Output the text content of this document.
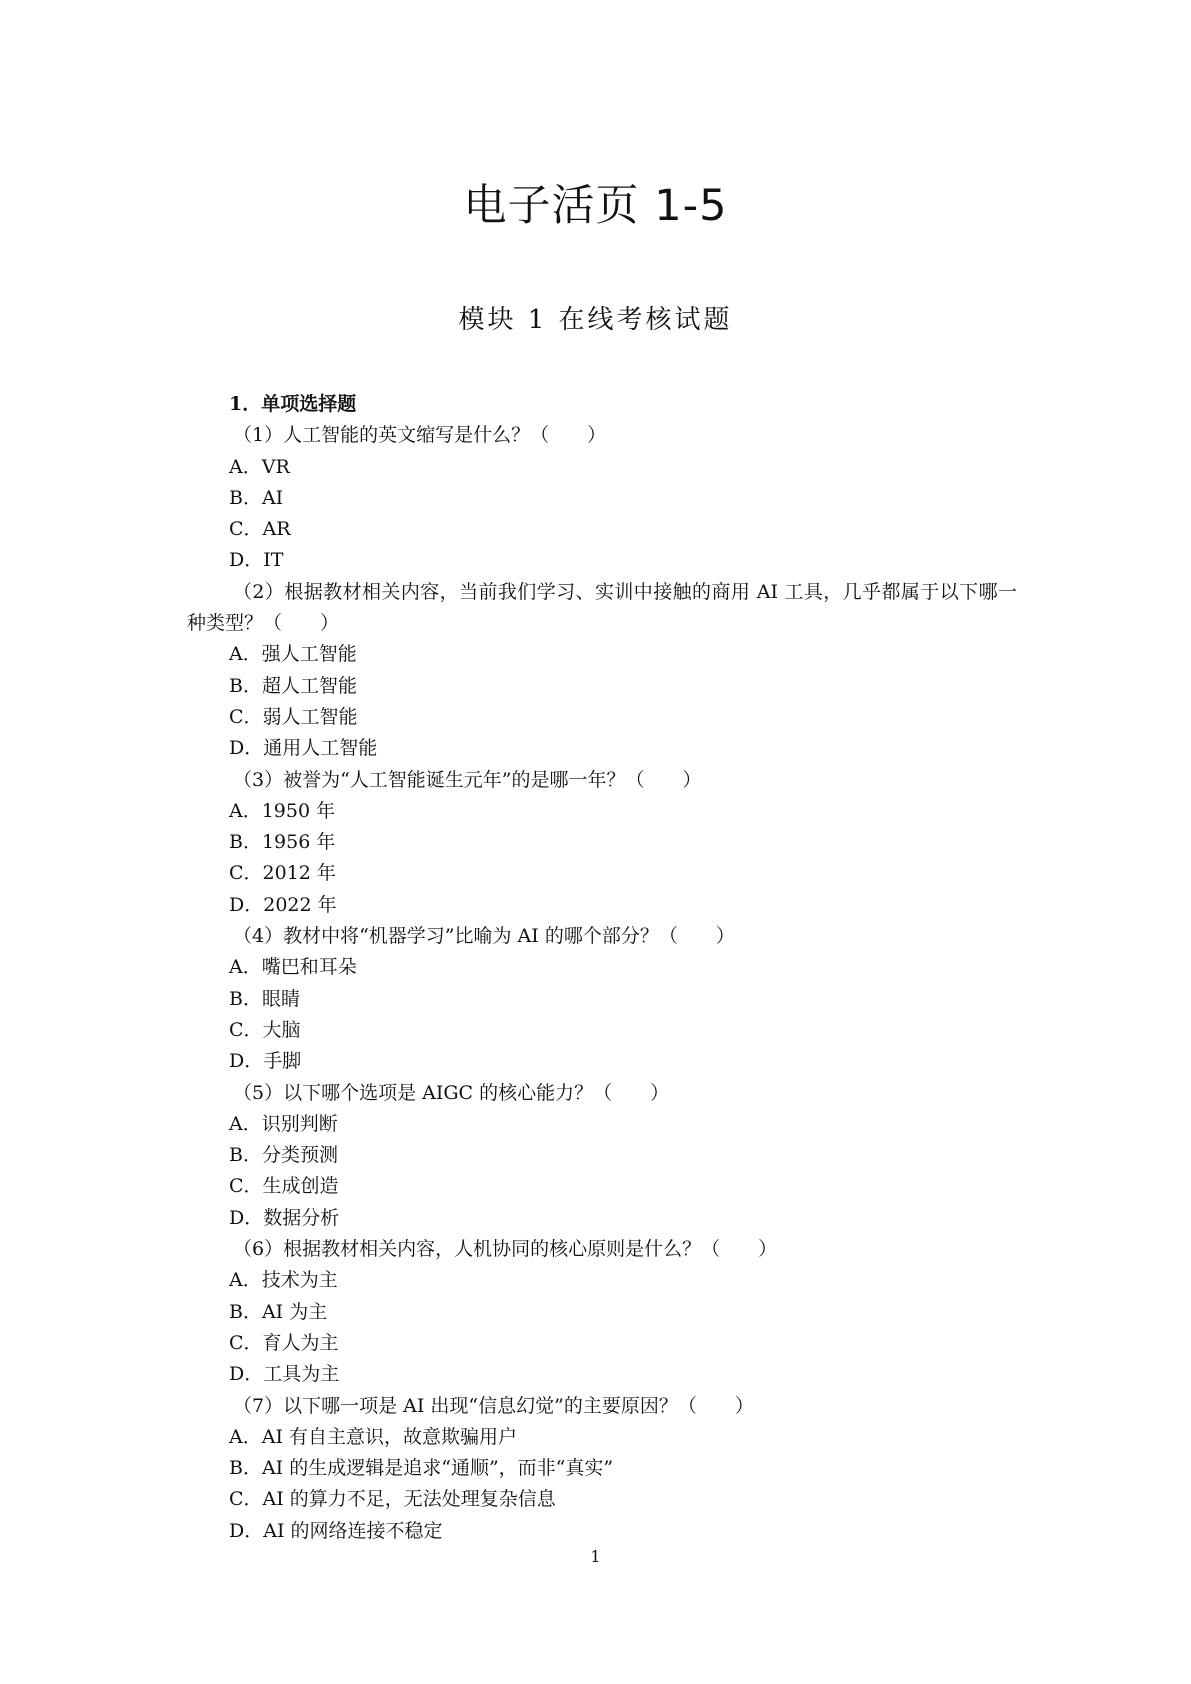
电子活页 1-5
模块 1 在线考核试题
1．单项选择题
（1）人工智能的英文缩写是什么？（　　）
A．VR
B．AI
C．AR
D．IT
（2）根据教材相关内容，当前我们学习、实训中接触的商用 AI 工具，几乎都属于以下哪一种类型？（　　）
A．强人工智能
B．超人工智能
C．弱人工智能
D．通用人工智能
（3）被誉为“人工智能诞生元年”的是哪一年？（　　）
A．1950 年
B．1956 年
C．2012 年
D．2022 年
（4）教材中将“机器学习”比喻为 AI 的哪个部分？（　　）
A．嘴巴和耳朵
B．眼睛
C．大脑
D．手脚
（5）以下哪个选项是 AIGC 的核心能力？（　　）
A．识别判断
B．分类预测
C．生成创造
D．数据分析
（6）根据教材相关内容，人机协同的核心原则是什么？（　　）
A．技术为主
B．AI 为主
C．育人为主
D．工具为主
（7）以下哪一项是 AI 出现“信息幻觉”的主要原因？（　　）
A．AI 有自主意识，故意欺骗用户
B．AI 的生成逻辑是追求“通顺”，而非“真实”
C．AI 的算力不足，无法处理复杂信息
D．AI 的网络连接不稳定
1
